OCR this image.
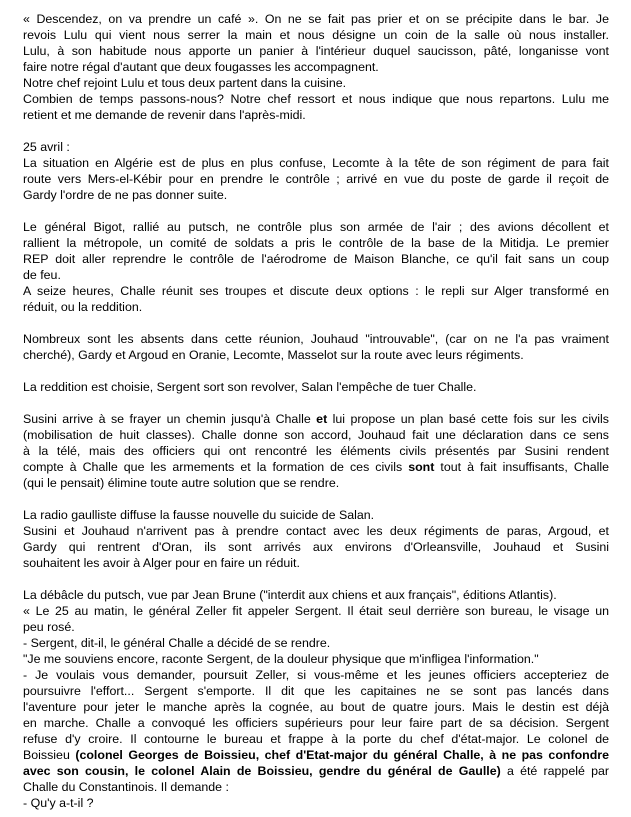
« Descendez, on va prendre un café ». On ne se fait pas prier et on se précipite dans le bar. Je
revois Lulu qui vient nous serrer la main et nous désigne un coin de la salle où nous installer.
Lulu, à son habitude nous apporte un panier à l'intérieur duquel saucisson, pâté, longanisse vont
faire notre régal d'autant que deux fougasses les accompagnent.
Notre chef rejoint Lulu et tous deux partent dans la cuisine.
Combien de temps passons-nous? Notre chef ressort et nous indique que nous repartons. Lulu me
retient et me demande de revenir dans l'après-midi.
25 avril :
La situation en Algérie est de plus en plus confuse, Lecomte à la tête de son régiment de para fait
route vers Mers-el-Kébir pour en prendre le contrôle ; arrivé en vue du poste de garde il reçoit de
Gardy l'ordre de ne pas donner suite.
Le général Bigot, rallié au putsch, ne contrôle plus son armée de l'air ; des avions décollent et
rallient la métropole, un comité de soldats a pris le contrôle de la base de la Mitidja. Le premier
REP doit aller reprendre le contrôle de l'aérodrome de Maison Blanche, ce qu'il fait sans un coup
de feu.
A seize heures, Challe réunit ses troupes et discute deux options : le repli sur Alger transformé en
réduit, ou la reddition.
Nombreux sont les absents dans cette réunion, Jouhaud "introuvable", (car on ne l'a pas vraiment
cherché), Gardy et Argoud en Oranie, Lecomte, Masselot sur la route avec leurs régiments.
La reddition est choisie, Sergent sort son revolver, Salan l'empêche de tuer Challe.
Susini arrive à se frayer un chemin jusqu'à Challe et lui propose un plan basé cette fois sur les civils
(mobilisation de huit classes). Challe donne son accord, Jouhaud fait une déclaration dans ce sens
à la télé, mais des officiers qui ont rencontré les éléments civils présentés par Susini rendent
compte à Challe que les armements et la formation de ces civils sont tout à fait insuffisants, Challe
(qui le pensait) élimine toute autre solution que se rendre.
La radio gaulliste diffuse la fausse nouvelle du suicide de Salan.
Susini et Jouhaud n'arrivent pas à prendre contact avec les deux régiments de paras, Argoud, et
Gardy qui rentrent d'Oran, ils sont arrivés aux environs d'Orleansville, Jouhaud et Susini
souhaitent les avoir à Alger pour en faire un réduit.
La débâcle du putsch, vue par Jean Brune ("interdit aux chiens et aux français", éditions Atlantis).
« Le 25 au matin, le général Zeller fit appeler Sergent. Il était seul derrière son bureau, le visage un
peu rosé.
- Sergent, dit-il, le général Challe a décidé de se rendre.
"Je me souviens encore, raconte Sergent, de la douleur physique que m'infligea l'information."
- Je voulais vous demander, poursuit Zeller, si vous-même et les jeunes officiers accepteriez de
poursuivre l'effort... Sergent s'emporte. Il dit que les capitaines ne se sont pas lancés dans
l'aventure pour jeter le manche après la cognée, au bout de quatre jours. Mais le destin est déjà
en marche. Challe a convoqué les officiers supérieurs pour leur faire part de sa décision. Sergent
refuse d'y croire. Il contourne le bureau et frappe à la porte du chef d'état-major. Le colonel de
Boissieu (colonel Georges de Boissieu, chef d'Etat-major du général Challe, à ne pas confondre
avec son cousin, le colonel Alain de Boissieu, gendre du général de Gaulle) a été rappelé par
Challe du Constantinois. Il demande :
- Qu'y a-t-il ?
